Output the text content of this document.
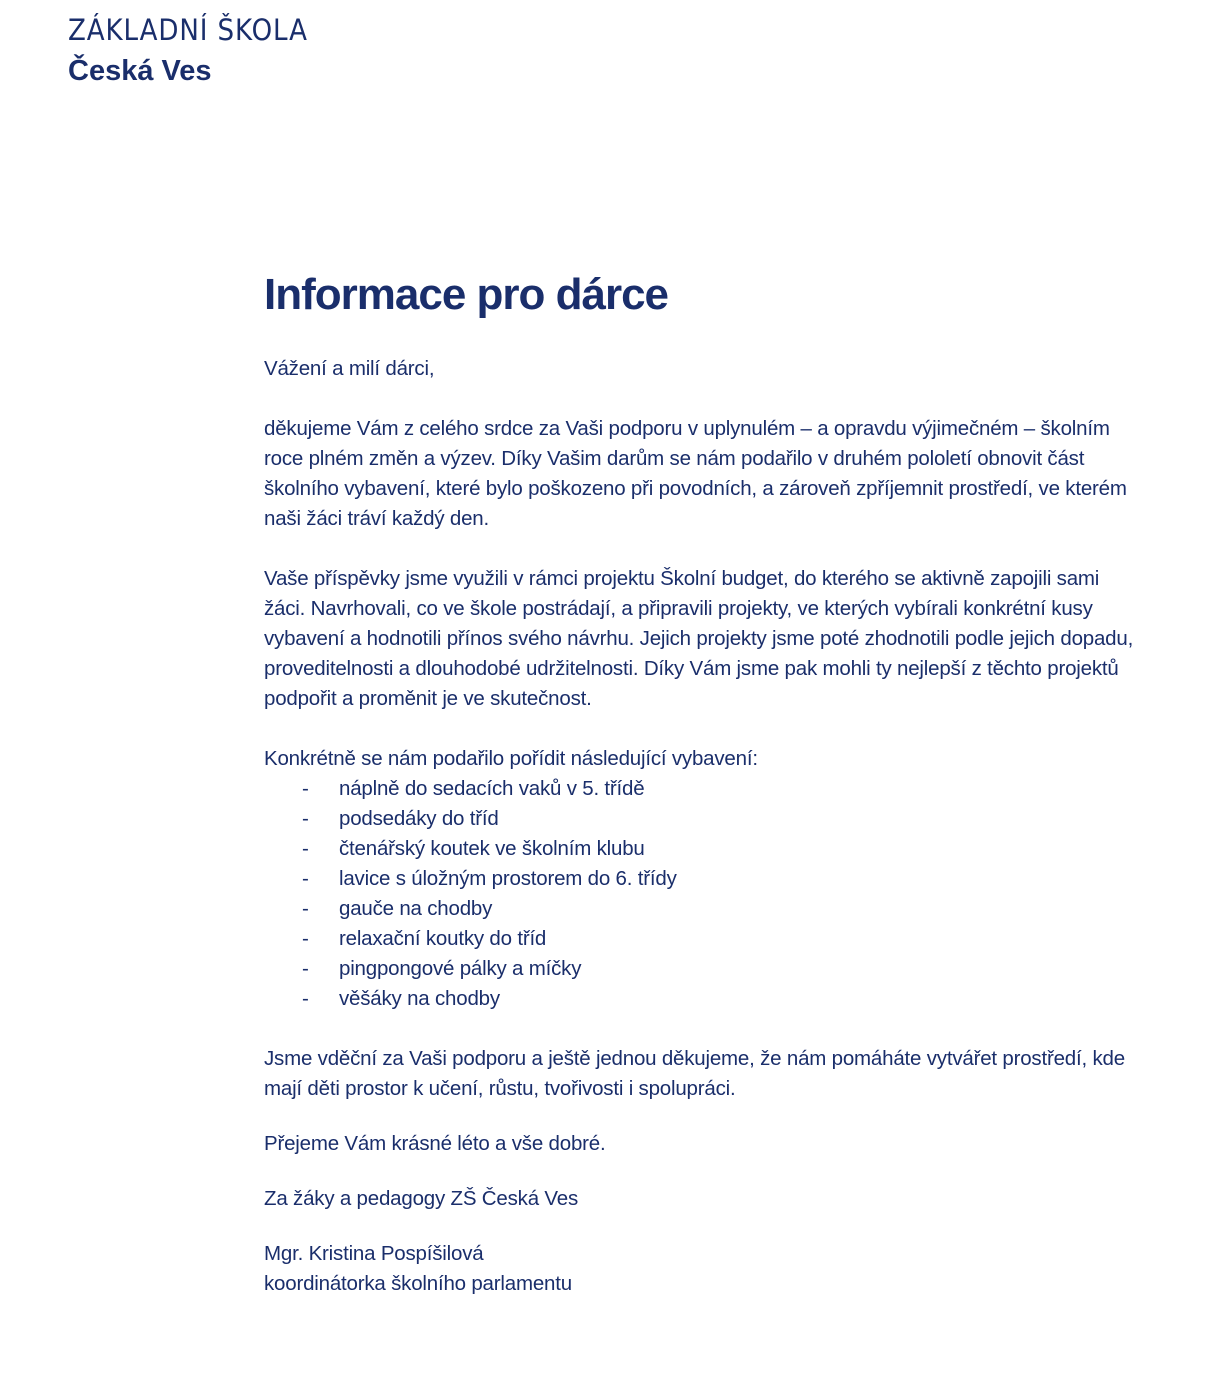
ZÁKLADNÍ ŠKOLA
Česká Ves
Informace pro dárce

Vážení a milí dárci,

děkujeme Vám z celého srdce za Vaši podporu v uplynulém – a opravdu výjimečném – školním roce plném změn a výzev. Díky Vašim darům se nám podařilo v druhém pololetí obnovit část školního vybavení, které bylo poškozeno při povodních, a zároveň zpříjemnit prostředí, ve kterém naši žáci tráví každý den.

Vaše příspěvky jsme využili v rámci projektu Školní budget, do kterého se aktivně zapojili sami žáci. Navrhovali, co ve škole postrádají, a připravili projekty, ve kterých vybírali konkrétní kusy vybavení a hodnotili přínos svého návrhu. Jejich projekty jsme poté zhodnotili podle jejich dopadu, proveditelnosti a dlouhodobé udržitelnosti. Díky Vám jsme pak mohli ty nejlepší z těchto projektů podpořit a proměnit je ve skutečnost.

Konkrétně se nám podařilo pořídit následující vybavení:

- náplně do sedacích vaků v 5. třídě
- podsedáky do tříd
- čtenářský koutek ve školním klubu
- lavice s úložným prostorem do 6. třídy
- gauče na chodby
- relaxační koutky do tříd
- pingpongové pálky a míčky
- věšáky na chodby

Jsme vděční za Vaši podporu a ještě jednou děkujeme, že nám pomáháte vytvářet prostředí, kde mají děti prostor k učení, růstu, tvořivosti i spolupráci.

Přejeme Vám krásné léto a vše dobré.

Za žáky a pedagogy ZŠ Česká Ves

Mgr. Kristina Pospíšilová

koordinátorka školního parlamentu
